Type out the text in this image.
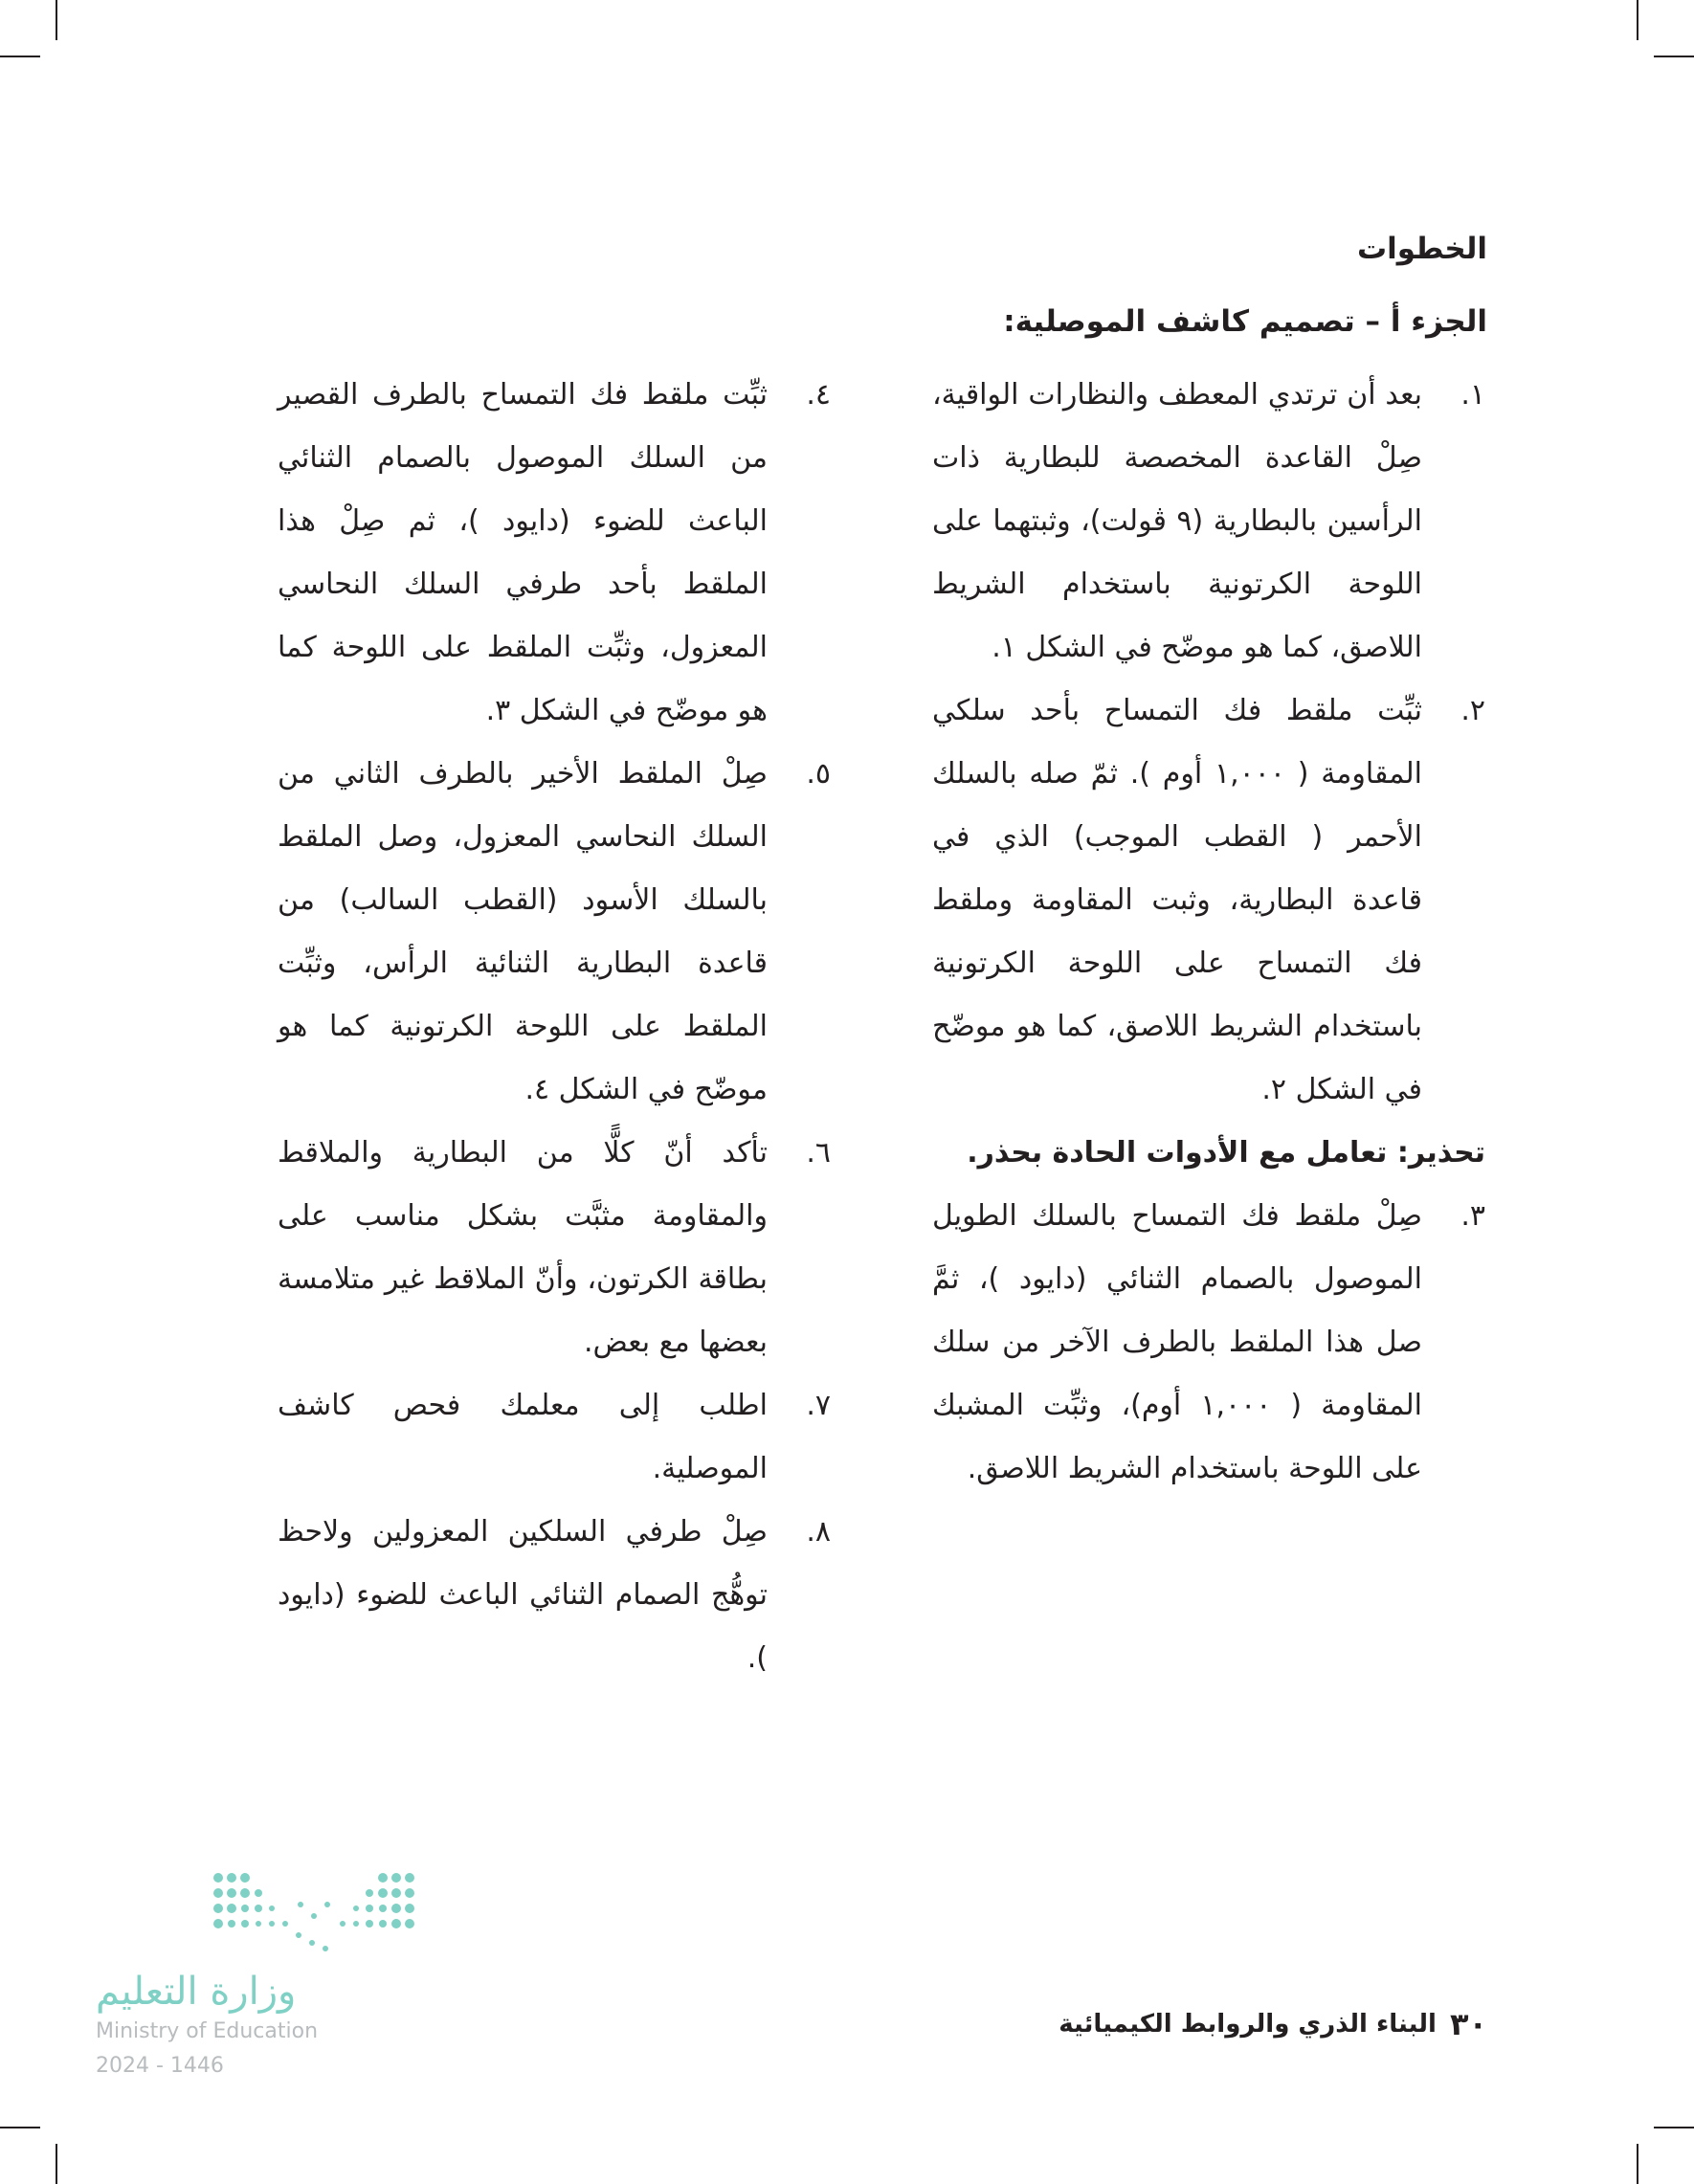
الخطوات
الجزء أ – تصميم كاشف الموصلية:
١.
بعد أن ترتدي المعطف والنظارات الواقية، صِلْ القاعدة المخصصة للبطارية ذات الرأسين بالبطارية (٩ ڤولت)، وثبتهما على اللوحة الكرتونية باستخدام الشريط اللاصق، كما هو موضّح في الشكل ١.
٢.
ثبِّت ملقط فك التمساح بأحد سلكي المقاومة ( ١,٠٠٠ أوم ). ثمّ صله بالسلك الأحمر ( القطب الموجب) الذي في قاعدة البطارية، وثبت المقاومة وملقط فك التمساح على اللوحة الكرتونية باستخدام الشريط اللاصق، كما هو موضّح في الشكل ٢.
تحذير: تعامل مع الأدوات الحادة بحذر.
٣.
صِلْ ملقط فك التمساح بالسلك الطويل الموصول بالصمام الثنائي (دايود )، ثمَّ صل هذا الملقط بالطرف الآخر من سلك المقاومة ( ١,٠٠٠ أوم)، وثبِّت المشبك على اللوحة باستخدام الشريط اللاصق.
٤.
ثبِّت ملقط فك التمساح بالطرف القصير من السلك الموصول بالصمام الثنائي الباعث للضوء (دايود )، ثم صِلْ هذا الملقط بأحد طرفي السلك النحاسي المعزول، وثبِّت الملقط على اللوحة كما هو موضّح في الشكل ٣.
٥.
صِلْ الملقط الأخير بالطرف الثاني من السلك النحاسي المعزول، وصل الملقط بالسلك الأسود (القطب السالب) من قاعدة البطارية الثنائية الرأس، وثبِّت الملقط على اللوحة الكرتونية كما هو موضّح في الشكل ٤.
٦.
تأكد أنّ كلًّا من البطارية والملاقط والمقاومة مثبَّت بشكل مناسب على بطاقة الكرتون، وأنّ الملاقط غير متلامسة بعضها مع بعض.
٧.
اطلب إلى معلمك فحص كاشف الموصلية.
٨.
صِلْ طرفي السلكين المعزولين ولاحظ توهُّج الصمام الثنائي الباعث للضوء (دايود ).
٣٠
البناء الذري والروابط الكيميائية
وزارة التعليم
Ministry of Education
2024 - 1446
